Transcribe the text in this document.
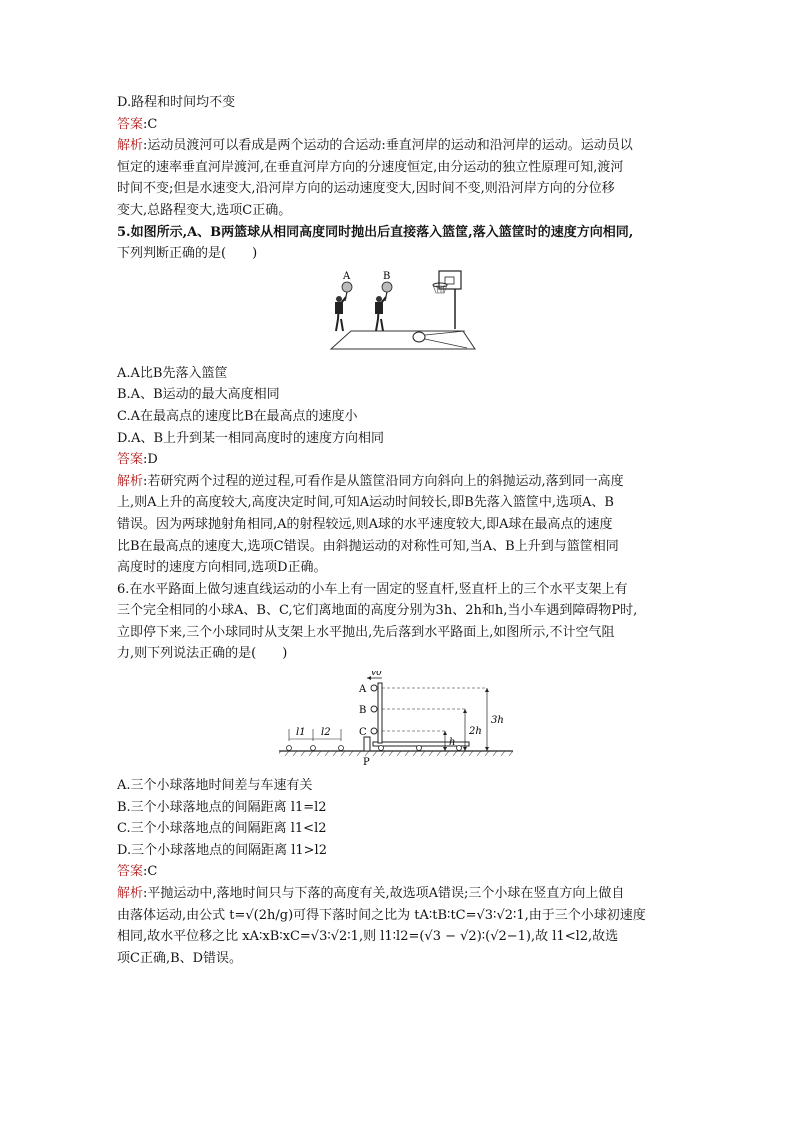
D.路程和时间均不变
答案:C
解析:运动员渡河可以看成是两个运动的合运动:垂直河岸的运动和沿河岸的运动。运动员以
恒定的速率垂直河岸渡河,在垂直河岸方向的分速度恒定,由分运动的独立性原理可知,渡河
时间不变;但是水速变大,沿河岸方向的运动速度变大,因时间不变,则沿河岸方向的分位移
变大,总路程变大,选项C正确。
5.如图所示,A、B两篮球从相同高度同时抛出后直接落入篮筐,落入篮筐时的速度方向相同,
下列判断正确的是(　　)
A	B
A.A比B先落入篮筐
B.A、B运动的最大高度相同
C.A在最高点的速度比B在最高点的速度小
D.A、B上升到某一相同高度时的速度方向相同
答案:D
解析:若研究两个过程的逆过程,可看作是从篮筐沿同方向斜向上的斜抛运动,落到同一高度
上,则A上升的高度较大,高度决定时间,可知A运动时间较长,即B先落入篮筐中,选项A、B
错误。因为两球抛射角相同,A的射程较远,则A球的水平速度较大,即A球在最高点的速度
比B在最高点的速度大,选项C错误。由斜抛运动的对称性可知,当A、B上升到与篮筐相同
高度时的速度方向相同,选项D正确。
6.在水平路面上做匀速直线运动的小车上有一固定的竖直杆,竖直杆上的三个水平支架上有
三个完全相同的小球A、B、C,它们离地面的高度分别为3h、2h和h,当小车遇到障碍物P时,
立即停下来,三个小球同时从支架上水平抛出,先后落到水平路面上,如图所示,不计空气阻
力,则下列说法正确的是(　　)
l1 l2
P
A
B
C
v0
3h
2h
h
A.三个小球落地时间差与车速有关
B.三个小球落地点的间隔距离 l1=l2
C.三个小球落地点的间隔距离 l1<l2
D.三个小球落地点的间隔距离 l1>l2
答案:C
解析:平抛运动中,落地时间只与下落的高度有关,故选项A错误;三个小球在竖直方向上做自
由落体运动,由公式 t=√(2h/g)可得下落时间之比为 tA∶tB∶tC=√3∶√2∶1,由于三个小球初速度
相同,故水平位移之比 xA∶xB∶xC=√3∶√2∶1,则 l1∶l2=(√3 − √2)∶(√2−1),故 l1<l2,故选
项C正确,B、D错误。
